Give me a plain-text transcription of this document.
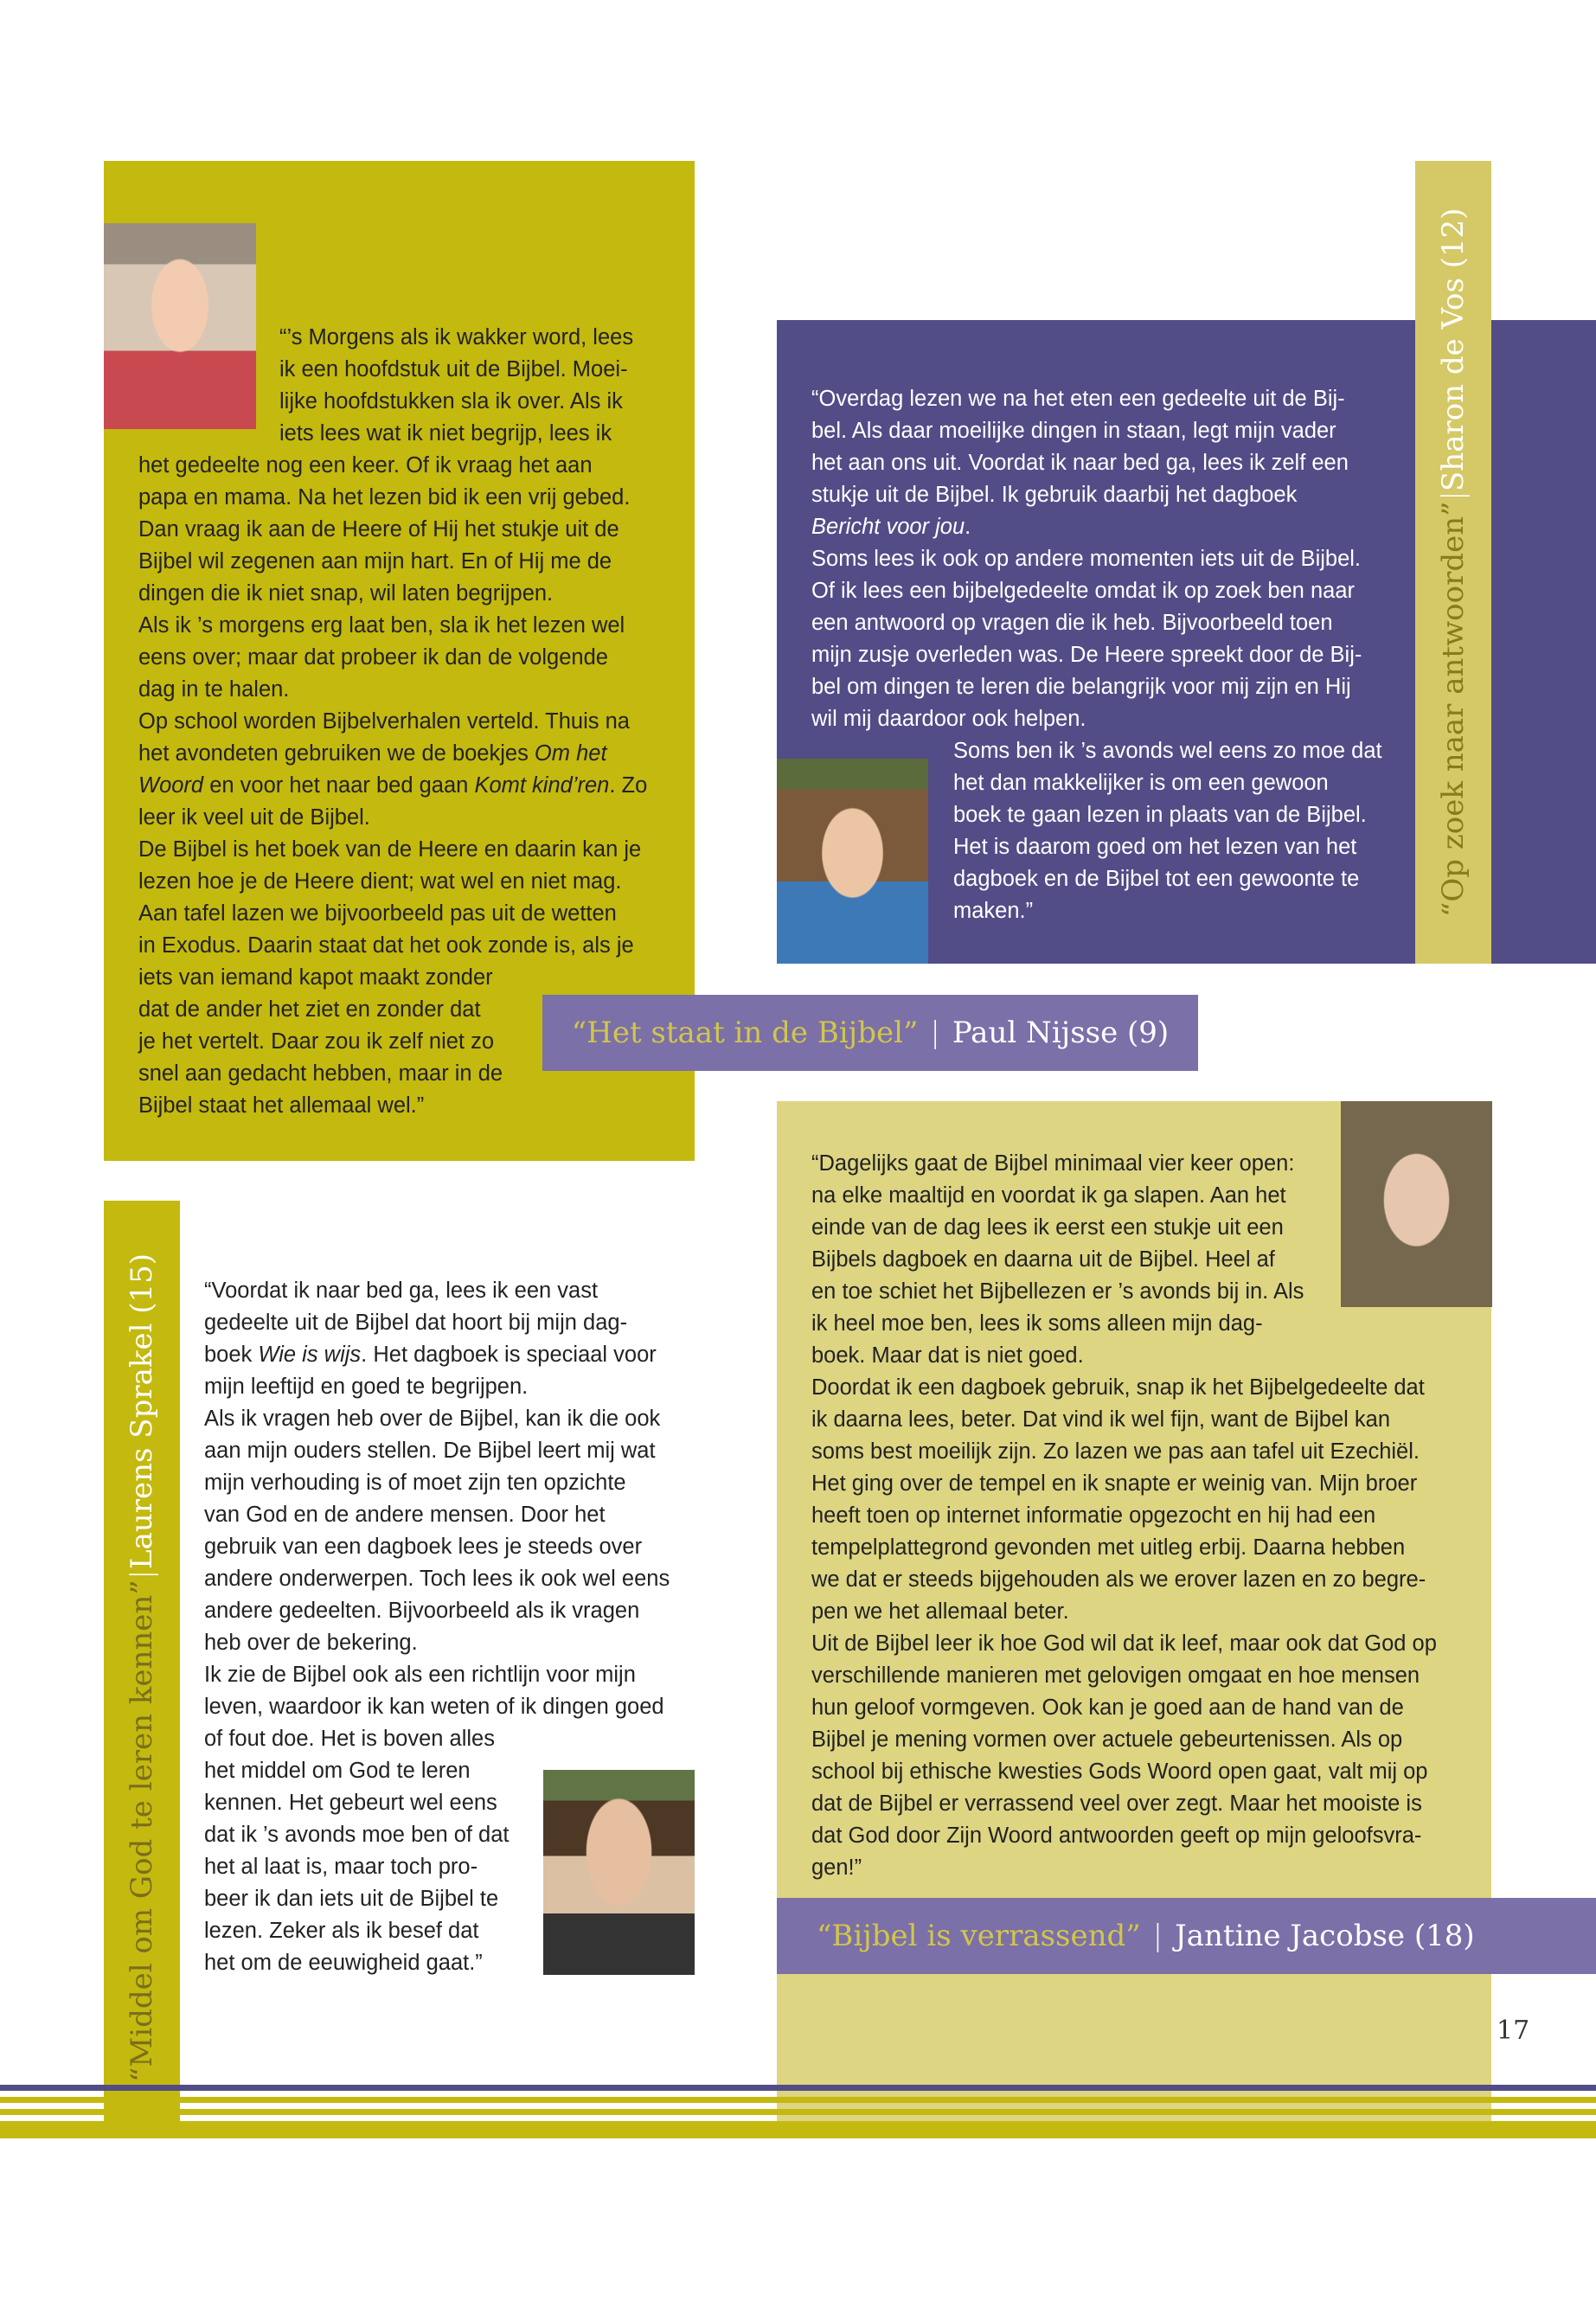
“’s Morgens als ik wakker word, lees

ik een hoofdstuk uit de Bijbel. Moei-

lijke hoofdstukken sla ik over. Als ik

iets lees wat ik niet begrijp, lees ik

het gedeelte nog een keer. Of ik vraag het aan

papa en mama. Na het lezen bid ik een vrij gebed.

Dan vraag ik aan de Heere of Hij het stukje uit de

Bijbel wil zegenen aan mijn hart. En of Hij me de

dingen die ik niet snap, wil laten begrijpen.

Als ik ’s morgens erg laat ben, sla ik het lezen wel

eens over; maar dat probeer ik dan de volgende

dag in te halen.

Op school worden Bijbelverhalen verteld. Thuis na

het avondeten gebruiken we de boekjes Om het

Woord en voor het naar bed gaan Komt kind’ren. Zo

leer ik veel uit de Bijbel.

De Bijbel is het boek van de Heere en daarin kan je

lezen hoe je de Heere dient; wat wel en niet mag.

Aan tafel lazen we bijvoorbeeld pas uit de wetten

in Exodus. Daarin staat dat het ook zonde is, als je

iets van iemand kapot maakt zonder

dat de ander het ziet en zonder dat

je het vertelt. Daar zou ik zelf niet zo

snel aan gedacht hebben, maar in de

Bijbel staat het allemaal wel.”

“Het staat in de Bijbel” | Paul Nijsse (9)

“Overdag lezen we na het eten een gedeelte uit de Bij-

bel. Als daar moeilijke dingen in staan, legt mijn vader

het aan ons uit. Voordat ik naar bed ga, lees ik zelf een

stukje uit de Bijbel. Ik gebruik daarbij het dagboek

Bericht voor jou.

Soms lees ik ook op andere momenten iets uit de Bijbel.

Of ik lees een bijbelgedeelte omdat ik op zoek ben naar

een antwoord op vragen die ik heb. Bijvoorbeeld toen

mijn zusje overleden was. De Heere spreekt door de Bij-

bel om dingen te leren die belangrijk voor mij zijn en Hij

wil mij daardoor ook helpen.

Soms ben ik ’s avonds wel eens zo moe dat

het dan makkelijker is om een gewoon

boek te gaan lezen in plaats van de Bijbel.

Het is daarom goed om het lezen van het

dagboek en de Bijbel tot een gewoonte te

maken.”	“Op zoek naar antwoorden”
|
Sharon de Vos (12)
“Middel om God te leren kennen”
|
Laurens Sprakel (15) “Voordat ik naar bed ga, lees ik een vast

gedeelte uit de Bijbel dat hoort bij mijn dag-

boek Wie is wijs. Het dagboek is speciaal voor

mijn leeftijd en goed te begrijpen.

Als ik vragen heb over de Bijbel, kan ik die ook

aan mijn ouders stellen. De Bijbel leert mij wat

mijn verhouding is of moet zijn ten opzichte

van God en de andere mensen. Door het

gebruik van een dagboek lees je steeds over

andere onderwerpen. Toch lees ik ook wel eens

andere gedeelten. Bijvoorbeeld als ik vragen

heb over de bekering.

Ik zie de Bijbel ook als een richtlijn voor mijn

leven, waardoor ik kan weten of ik dingen goed

of fout doe. Het is boven alles

het middel om God te leren

kennen. Het gebeurt wel eens

dat ik ’s avonds moe ben of dat

het al laat is, maar toch pro-

beer ik dan iets uit de Bijbel te

lezen. Zeker als ik besef dat

het om de eeuwigheid gaat.”

“Dagelijks gaat de Bijbel minimaal vier keer open:

na elke maaltijd en voordat ik ga slapen. Aan het

einde van de dag lees ik eerst een stukje uit een

Bijbels dagboek en daarna uit de Bijbel. Heel af

en toe schiet het Bijbellezen er ’s avonds bij in. Als

ik heel moe ben, lees ik soms alleen mijn dag-

boek. Maar dat is niet goed.

Doordat ik een dagboek gebruik, snap ik het Bijbelgedeelte dat

ik daarna lees, beter. Dat vind ik wel fijn, want de Bijbel kan

soms best moeilijk zijn. Zo lazen we pas aan tafel uit Ezechiël.

Het ging over de tempel en ik snapte er weinig van. Mijn broer

heeft toen op internet informatie opgezocht en hij had een

tempelplattegrond gevonden met uitleg erbij. Daarna hebben

we dat er steeds bijgehouden als we erover lazen en zo begre-

pen we het allemaal beter.

Uit de Bijbel leer ik hoe God wil dat ik leef, maar ook dat God op

verschillende manieren met gelovigen omgaat en hoe mensen

hun geloof vormgeven. Ook kan je goed aan de hand van de

Bijbel je mening vormen over actuele gebeurtenissen. Als op

school bij ethische kwesties Gods Woord open gaat, valt mij op

dat de Bijbel er verrassend veel over zegt. Maar het mooiste is

dat God door Zijn Woord antwoorden geeft op mijn geloofsvra-

gen!”

“Bijbel is verrassend” | Jantine Jacobse (18)
17
